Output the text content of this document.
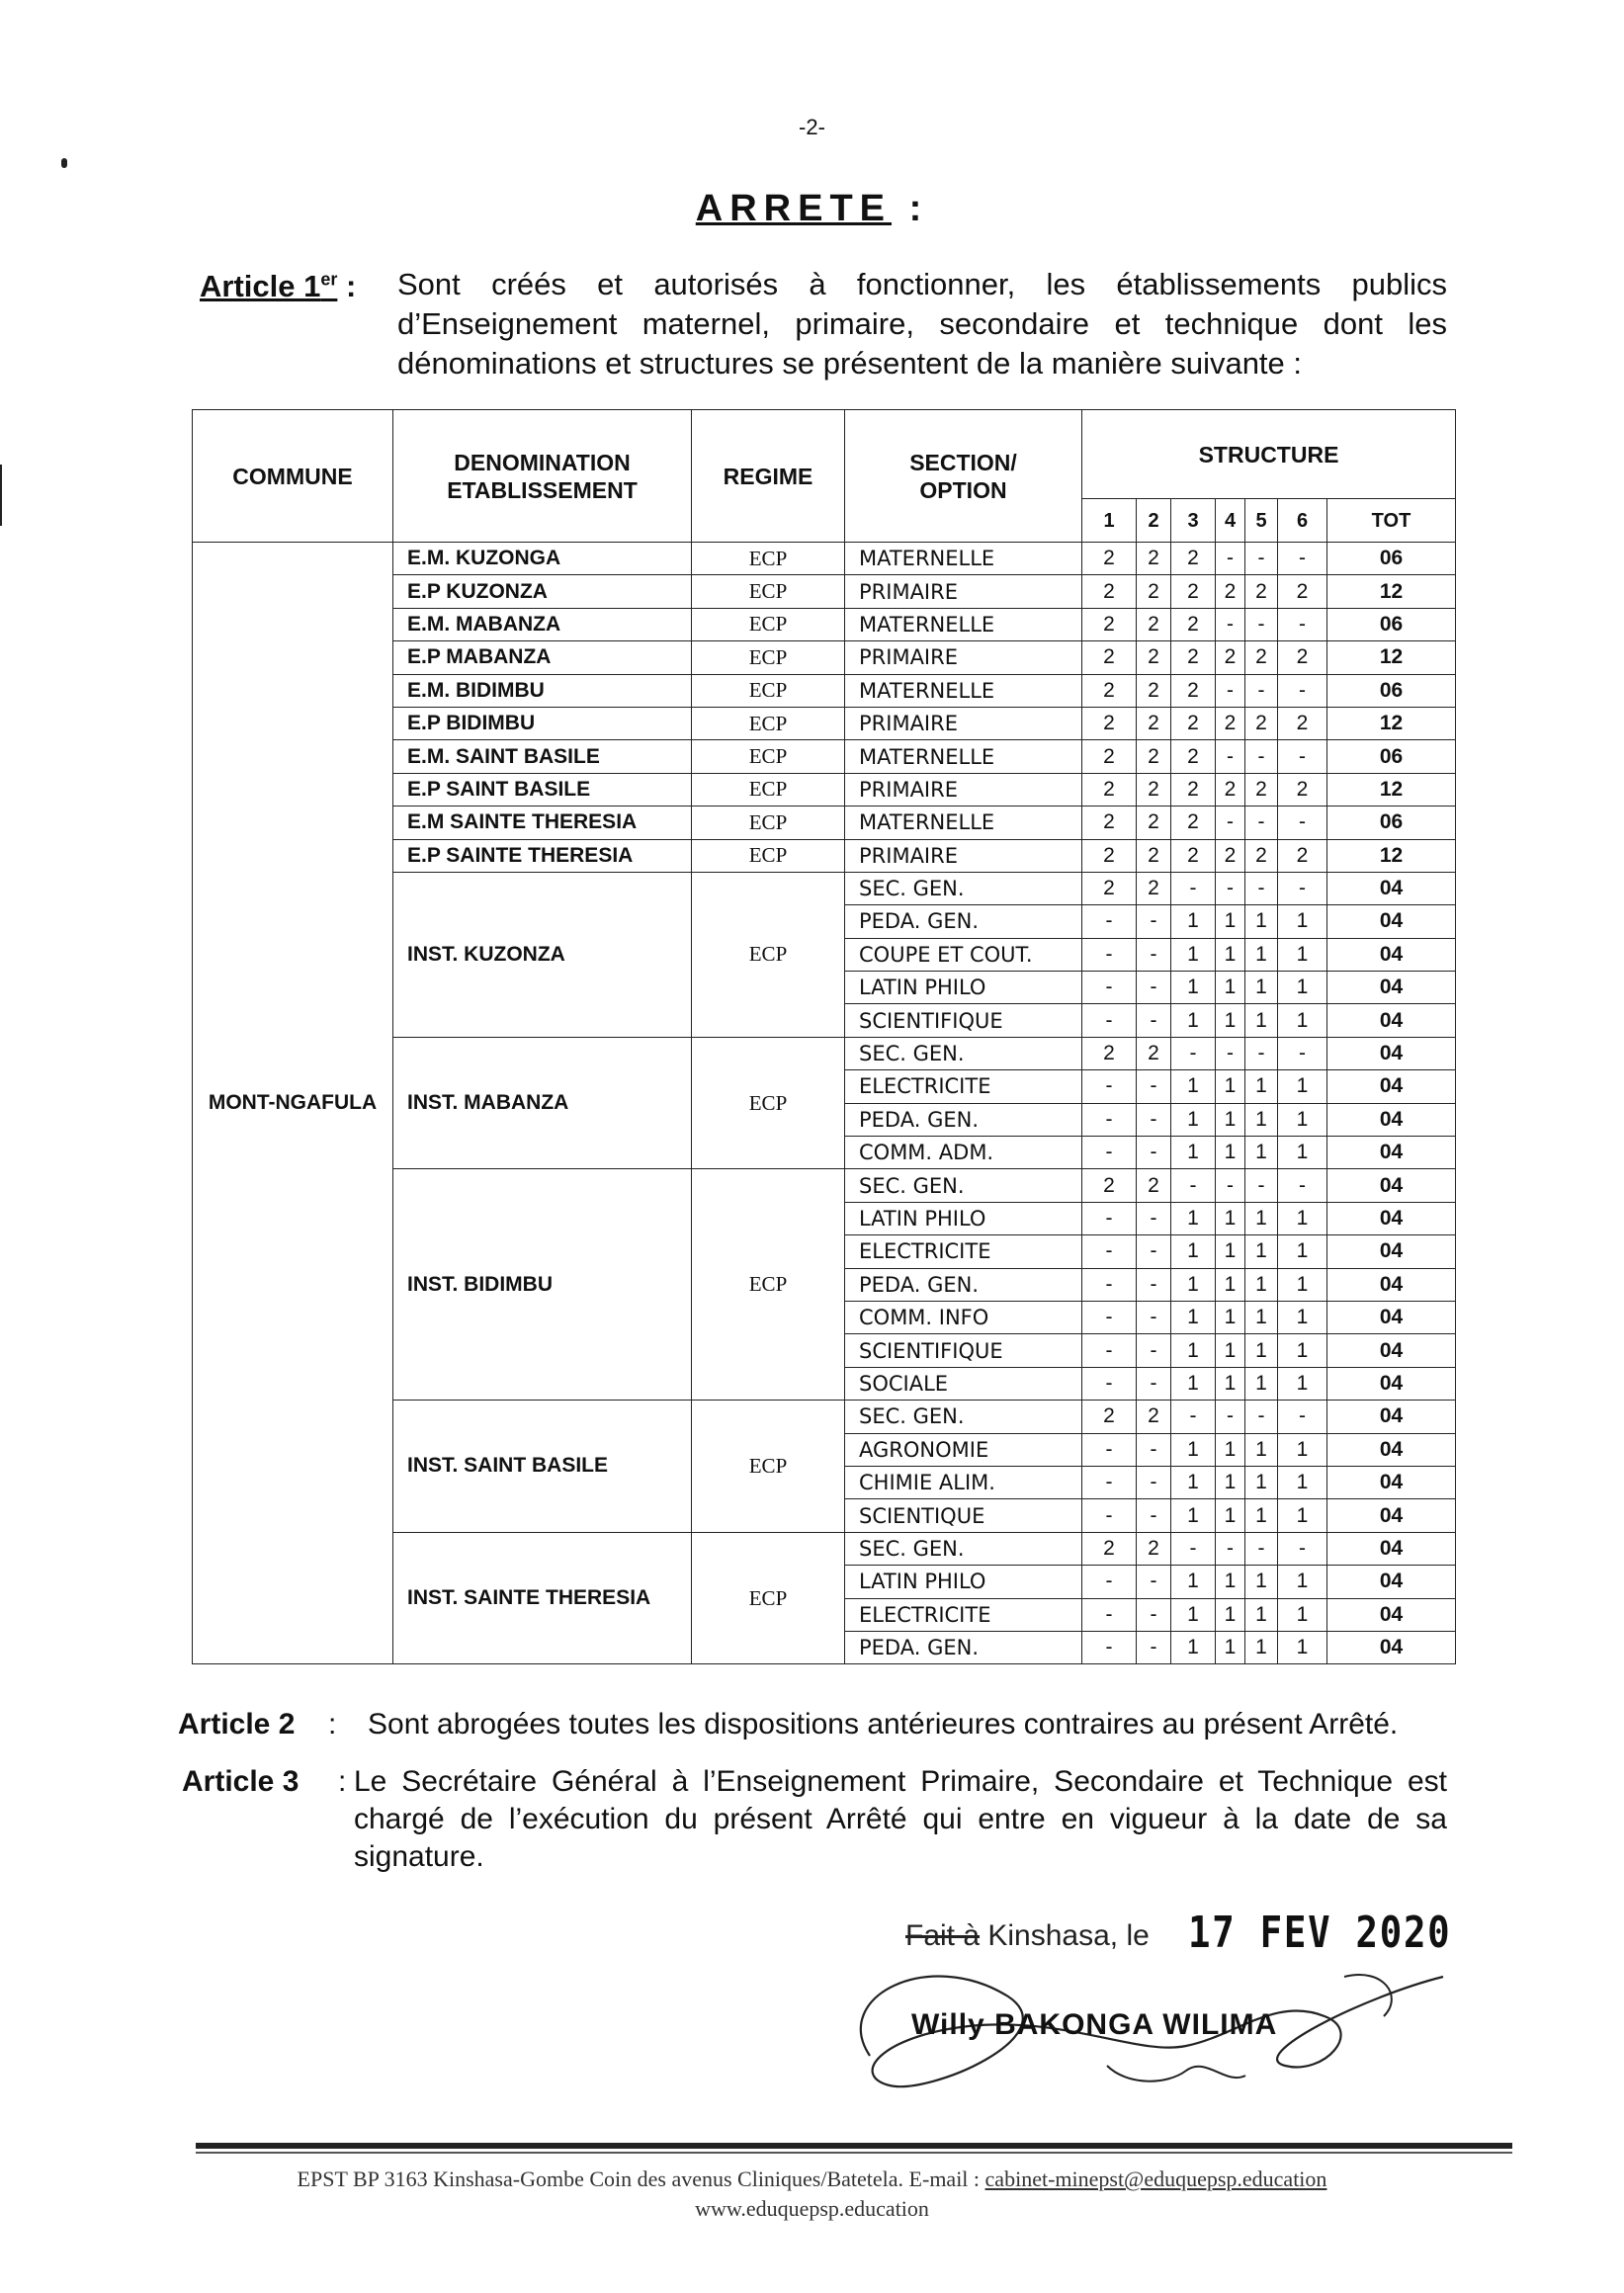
-2-
ARRETE :
Article 1er : Sont créés et autorisés à fonctionner, les établissements publics d’Enseignement maternel, primaire, secondaire et technique dont les dénominations et structures se présentent de la manière suivante :
COMMUNE	DENOMINATION ETABLISSEMENT	REGIME	SECTION/ OPTION	STRUCTURE						
				1	2	3	4	5	6	TOT
MONT-NGAFULA	E.M. KUZONGA	ECP	MATERNELLE	2	2	2	-	-	-	06
	E.P KUZONZA	ECP	PRIMAIRE	2	2	2	2	2	2	12
	E.M. MABANZA	ECP	MATERNELLE	2	2	2	-	-	-	06
	E.P MABANZA	ECP	PRIMAIRE	2	2	2	2	2	2	12
	E.M. BIDIMBU	ECP	MATERNELLE	2	2	2	-	-	-	06
	E.P BIDIMBU	ECP	PRIMAIRE	2	2	2	2	2	2	12
	E.M. SAINT BASILE	ECP	MATERNELLE	2	2	2	-	-	-	06
	E.P SAINT BASILE	ECP	PRIMAIRE	2	2	2	2	2	2	12
	E.M SAINTE THERESIA	ECP	MATERNELLE	2	2	2	-	-	-	06
	E.P SAINTE THERESIA	ECP	PRIMAIRE	2	2	2	2	2	2	12
	INST. KUZONZA	ECP	SEC. GEN.	2	2	-	-	-	-	04
			PEDA. GEN.	-	-	1	1	1	1	04
			COUPE ET COUT.	-	-	1	1	1	1	04
			LATIN PHILO	-	-	1	1	1	1	04
			SCIENTIFIQUE	-	-	1	1	1	1	04
	INST. MABANZA	ECP	SEC. GEN.	2	2	-	-	-	-	04
			ELECTRICITE	-	-	1	1	1	1	04
			PEDA. GEN.	-	-	1	1	1	1	04
			COMM. ADM.	-	-	1	1	1	1	04
	INST. BIDIMBU	ECP	SEC. GEN.	2	2	-	-	-	-	04
			LATIN PHILO	-	-	1	1	1	1	04
			ELECTRICITE	-	-	1	1	1	1	04
			PEDA. GEN.	-	-	1	1	1	1	04
			COMM. INFO	-	-	1	1	1	1	04
			SCIENTIFIQUE	-	-	1	1	1	1	04
			SOCIALE	-	-	1	1	1	1	04
	INST. SAINT BASILE	ECP	SEC. GEN.	2	2	-	-	-	-	04
			AGRONOMIE	-	-	1	1	1	1	04
			CHIMIE ALIM.	-	-	1	1	1	1	04
			SCIENTIQUE	-	-	1	1	1	1	04
	INST. SAINTE THERESIA	ECP	SEC. GEN.	2	2	-	-	-	-	04
			LATIN PHILO	-	-	1	1	1	1	04
			ELECTRICITE	-	-	1	1	1	1	04
			PEDA. GEN.	-	-	1	1	1	1	04
Article 2 : Sont abrogées toutes les dispositions antérieures contraires au présent Arrêté.
Article 3 : Le Secrétaire Général à l’Enseignement Primaire, Secondaire et Technique est chargé de l’exécution du présent Arrêté qui entre en vigueur à la date de sa signature.
Fait à Kinshasa, le 17 FEV 2020
Willy BAKONGA WILIMA
EPST BP 3163 Kinshasa-Gombe Coin des avenus Cliniques/Batetela. E-mail : cabinet-minepst@eduquepsp.education
www.eduquepsp.education
